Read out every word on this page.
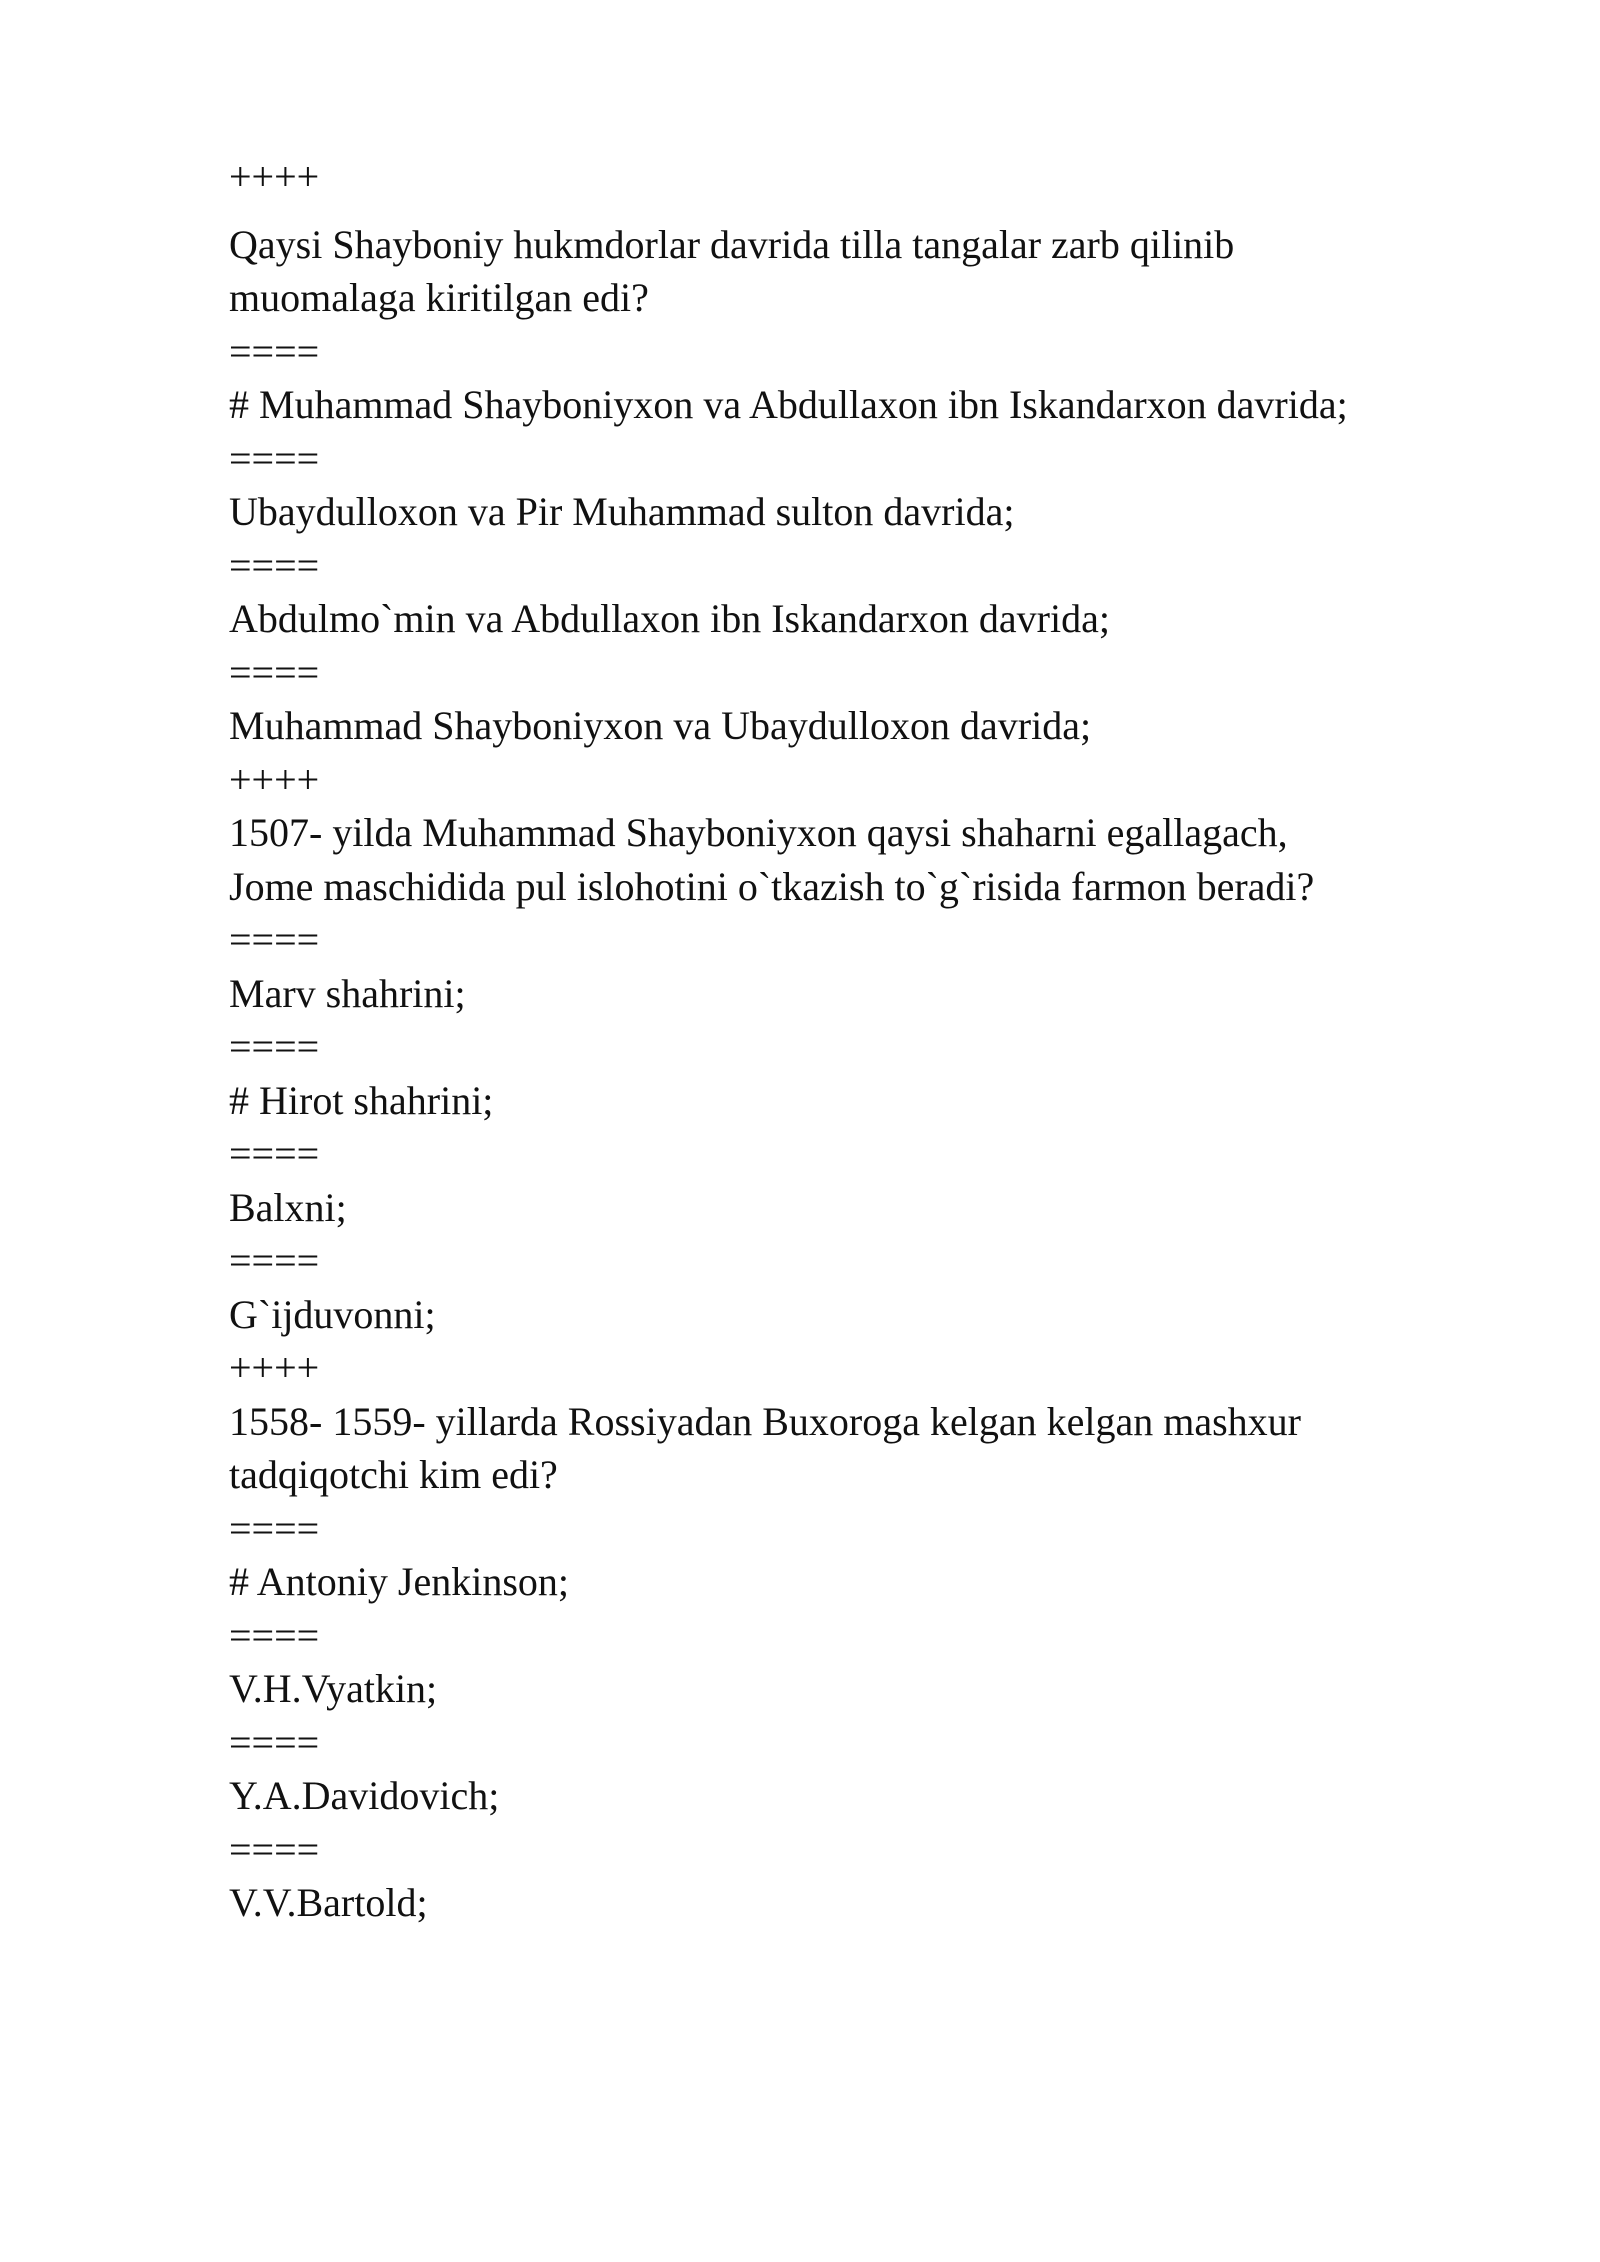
++++
Qaysi Shayboniy hukmdorlar davrida tilla tangalar zarb qilinib
muomalaga kiritilgan edi?
====
# Muhammad Shayboniyxon va Abdullaxon ibn Iskandarxon davrida;
====
Ubaydulloxon va Pir Muhammad sulton davrida;
====
Abdulmo`min va Abdullaxon ibn Iskandarxon davrida;
====
Muhammad Shayboniyxon va Ubaydulloxon davrida;
++++
1507- yilda Muhammad Shayboniyxon qaysi shaharni egallagach,
Jome maschidida pul islohotini o`tkazish to`g`risida farmon beradi?
====
Marv shahrini;
====
# Hirot shahrini;
====
Balxni;
====
G`ijduvonni;
++++
1558- 1559- yillarda Rossiyadan Buxoroga kelgan kelgan mashxur
tadqiqotchi kim edi?
====
# Antoniy Jenkinson;
====
V.H.Vyatkin;
====
Y.A.Davidovich;
====
V.V.Bartold;
